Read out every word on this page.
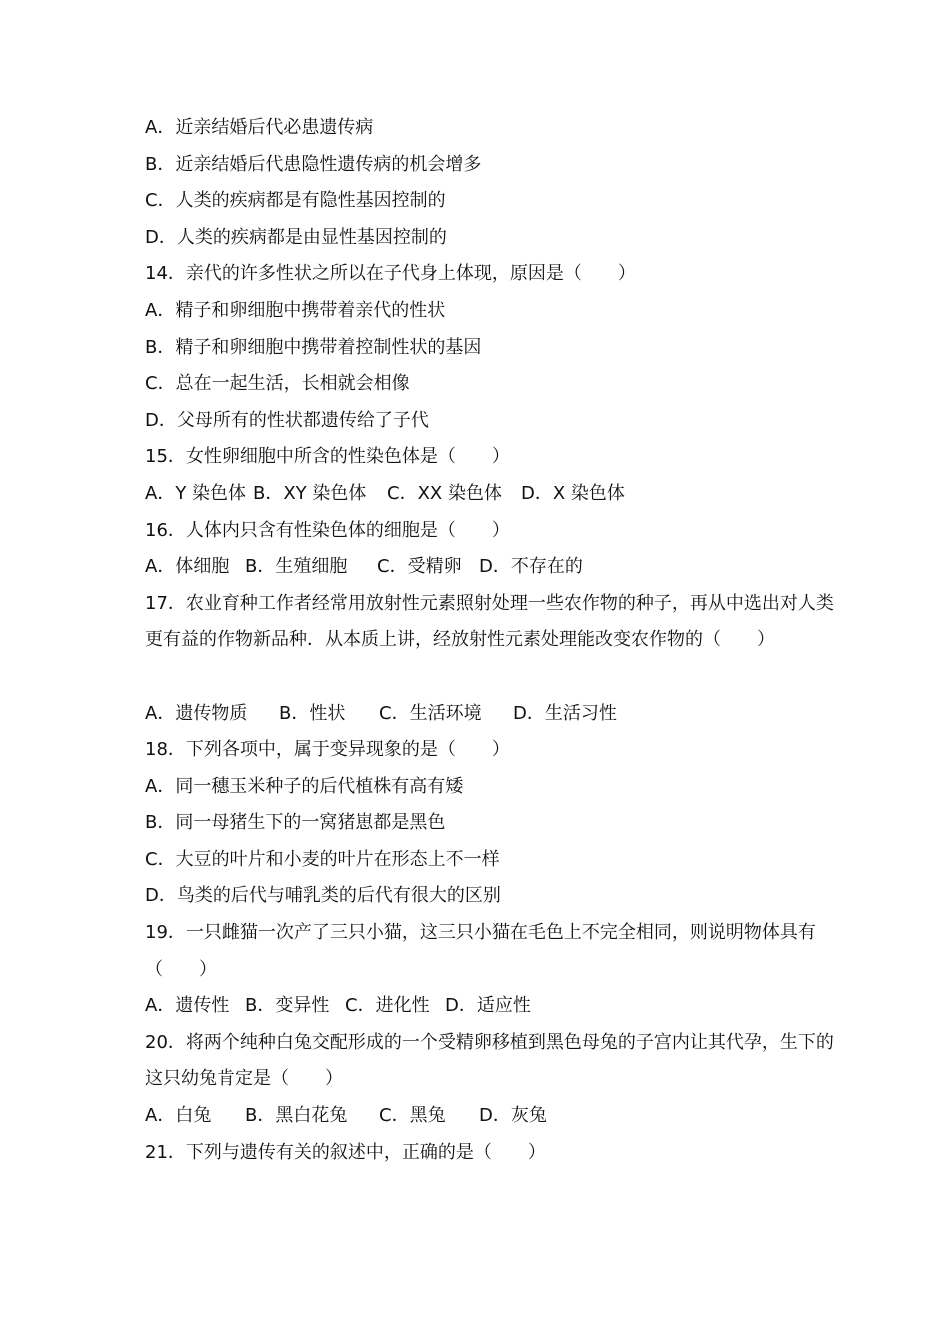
A．近亲结婚后代必患遗传病
B．近亲结婚后代患隐性遗传病的机会增多
C．人类的疾病都是有隐性基因控制的
D．人类的疾病都是由显性基因控制的
14．亲代的许多性状之所以在子代身上体现，原因是（　　）
A．精子和卵细胞中携带着亲代的性状
B．精子和卵细胞中携带着控制性状的基因
C．总在一起生活，长相就会相像
D．父母所有的性状都遗传给了子代
15．女性卵细胞中所含的性染色体是（　　）
A．Y 染色体 B．XY 染色体 C．XX 染色体 D．X 染色体
16．人体内只含有性染色体的细胞是（　　）
A．体细胞 B．生殖细胞 C．受精卵 D．不存在的
17．农业育种工作者经常用放射性元素照射处理一些农作物的种子，再从中选出对人类更有益的作物新品种．从本质上讲，经放射性元素处理能改变农作物的（　　）
A．遗传物质 B．性状 C．生活环境 D．生活习性
18．下列各项中，属于变异现象的是（　　）
A．同一穗玉米种子的后代植株有高有矮
B．同一母猪生下的一窝猪崽都是黑色
C．大豆的叶片和小麦的叶片在形态上不一样
D．鸟类的后代与哺乳类的后代有很大的区别
19．一只雌猫一次产了三只小猫，这三只小猫在毛色上不完全相同，则说明物体具有（　　）
A．遗传性 B．变异性 C．进化性 D．适应性
20．将两个纯种白兔交配形成的一个受精卵移植到黑色母兔的子宫内让其代孕，生下的这只幼兔肯定是（　　）
A．白兔 B．黑白花兔 C．黑兔 D．灰兔
21．下列与遗传有关的叙述中，正确的是（　　）
